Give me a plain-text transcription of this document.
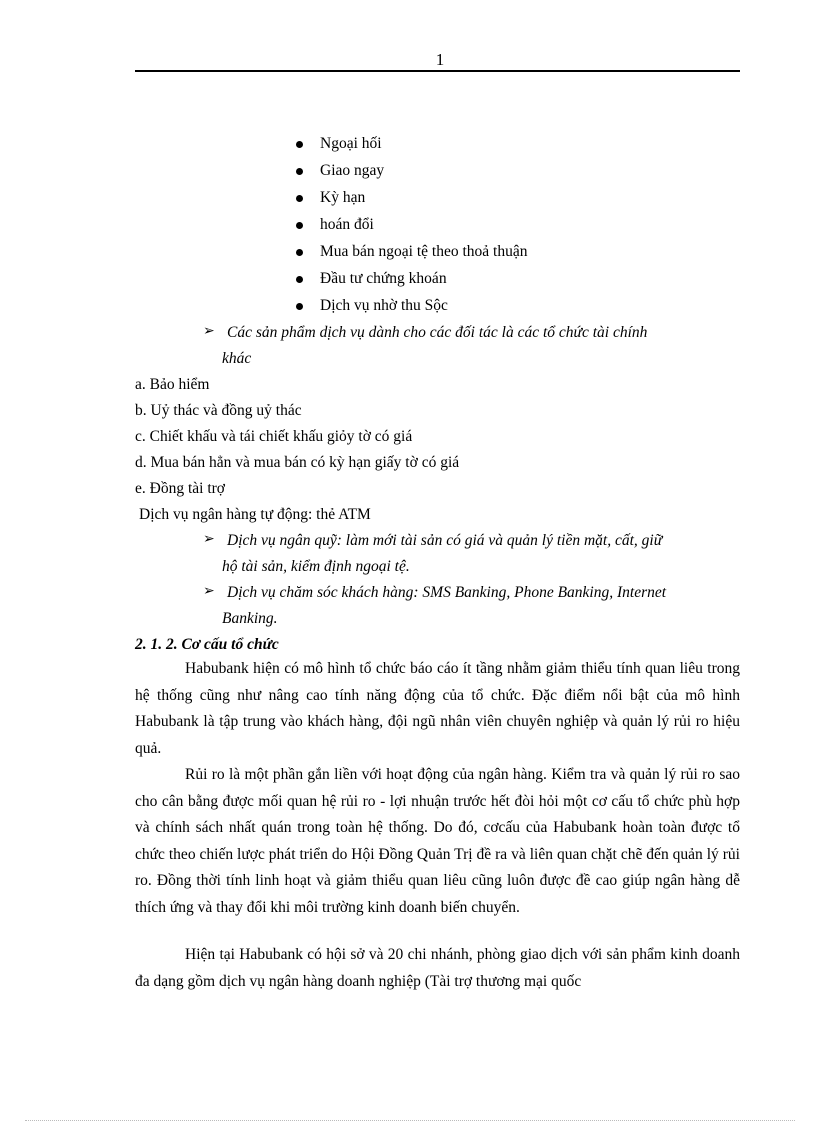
1
Ngoại hối
Giao ngay
Kỳ hạn
hoán đổi
Mua bán ngoại tệ theo thoả thuận
Đầu tư chứng khoán
Dịch vụ nhờ thu Sộc
➢ Các sản phẩm dịch vụ dành cho các đối tác là các tổ chức tài chính
khác
a. Bảo hiểm
b. Uỷ thác và đồng uỷ thác
c. Chiết khấu và tái chiết khấu giỏy tờ có giá
d. Mua bán hẳn và mua bán có kỳ hạn giấy tờ có giá
e. Đồng tài trợ
Dịch vụ ngân hàng tự động: thẻ ATM
➢ Dịch vụ ngân quỹ: làm mới tài sản có giá và quản lý tiền mặt, cất, giữ
hộ tài sản, kiểm định ngoại tệ.
➢ Dịch vụ chăm sóc khách hàng: SMS Banking, Phone Banking, Internet
Banking.
2. 1. 2. Cơ cấu tổ chức

Habubank hiện có mô hình tổ chức báo cáo ít tầng nhằm giảm thiểu tính quan liêu trong hệ thống cũng như nâng cao tính năng động của tổ chức. Đặc điểm nổi bật của mô hình Habubank là tập trung vào khách hàng, đội ngũ nhân viên chuyên nghiệp và quản lý rủi ro hiệu quả.

Rủi ro là một phần gắn liền với hoạt động của ngân hàng. Kiểm tra và quản lý rủi ro sao cho cân bằng được mối quan hệ rủi ro - lợi nhuận trước hết đòi hỏi một cơ cấu tổ chức phù hợp và chính sách nhất quán trong toàn hệ thống. Do đó, cơcấu của Habubank hoàn toàn được tổ chức theo chiến lược phát triển do Hội Đồng Quản Trị đề ra và liên quan chặt chẽ đến quản lý rủi ro. Đồng thời tính linh hoạt và giảm thiểu quan liêu cũng luôn được đề cao giúp ngân hàng dễ thích ứng và thay đổi khi môi trường kinh doanh biến chuyển.

Hiện tại Habubank có hội sở và 20 chi nhánh, phòng giao dịch với sản phẩm kinh doanh đa dạng gồm dịch vụ ngân hàng doanh nghiệp (Tài trợ thương mại quốc
